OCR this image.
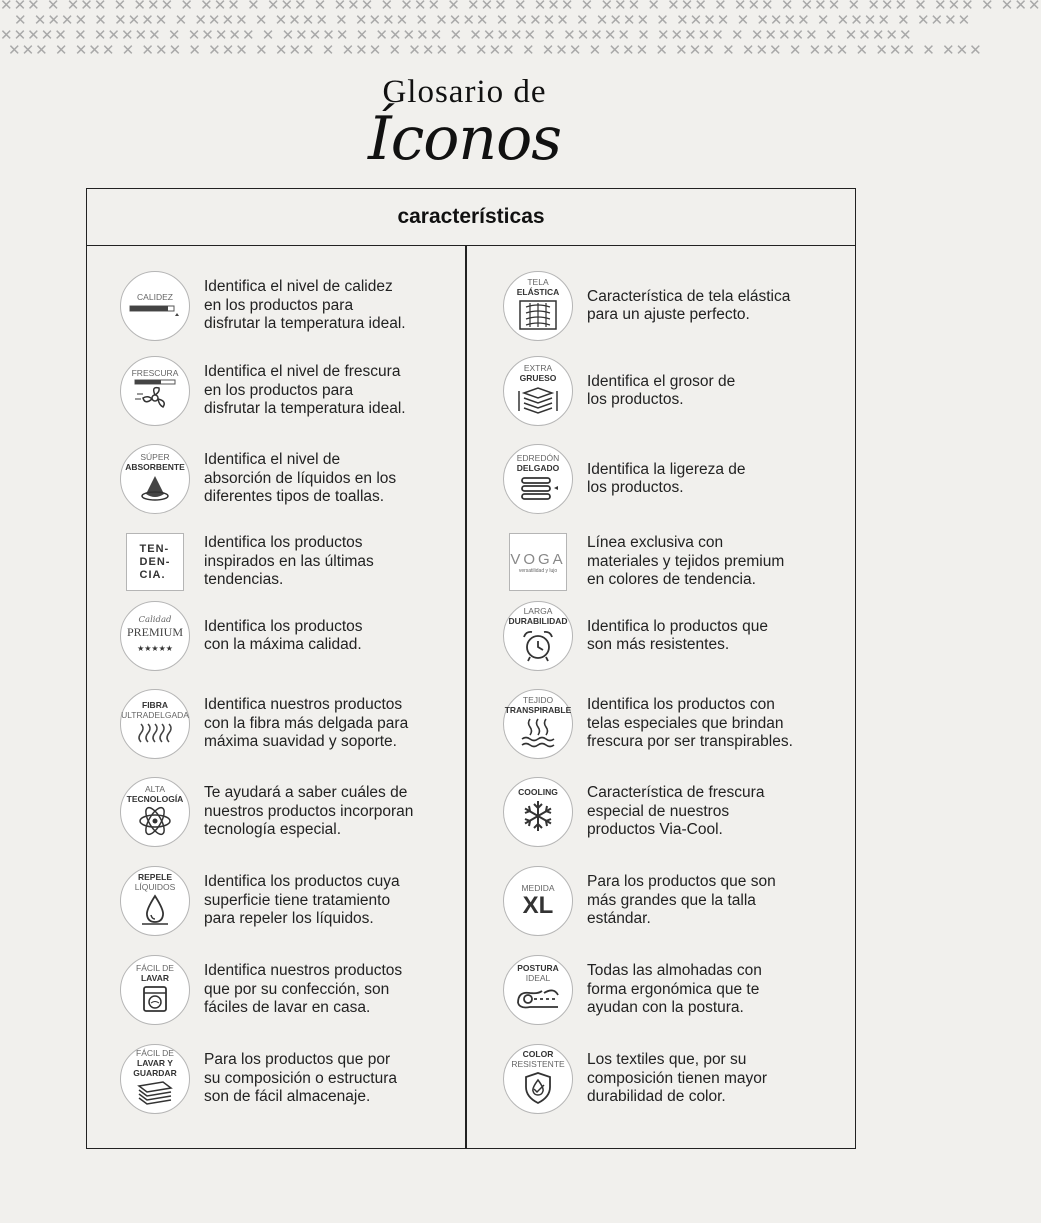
✕✕✕ ✕ ✕✕✕ ✕ ✕✕✕ ✕ ✕✕✕ ✕ ✕✕✕ ✕ ✕✕✕ ✕ ✕✕✕ ✕ ✕✕✕ ✕ ✕✕✕ ✕ ✕✕✕ ✕ ✕✕✕ ✕ ✕✕✕ ✕ ✕✕✕ ✕ ✕✕✕ ✕ ✕✕✕ ✕ ✕✕✕
✕ ✕✕✕✕ ✕ ✕✕✕✕ ✕ ✕✕✕✕ ✕ ✕✕✕✕ ✕ ✕✕✕✕ ✕ ✕✕✕✕ ✕ ✕✕✕✕ ✕ ✕✕✕✕ ✕ ✕✕✕✕ ✕ ✕✕✕✕ ✕ ✕✕✕✕ ✕ ✕✕✕✕
✕✕✕✕✕ ✕ ✕✕✕✕✕ ✕ ✕✕✕✕✕ ✕ ✕✕✕✕✕ ✕ ✕✕✕✕✕ ✕ ✕✕✕✕✕ ✕ ✕✕✕✕✕ ✕ ✕✕✕✕✕ ✕ ✕✕✕✕✕ ✕ ✕✕✕✕✕
✕✕✕ ✕ ✕✕✕ ✕ ✕✕✕ ✕ ✕✕✕ ✕ ✕✕✕ ✕ ✕✕✕ ✕ ✕✕✕ ✕ ✕✕✕ ✕ ✕✕✕ ✕ ✕✕✕ ✕ ✕✕✕ ✕ ✕✕✕ ✕ ✕✕✕ ✕ ✕✕✕ ✕ ✕✕✕
Glosario de
Íconos
características
CALIDEZ
Identifica el nivel de calidez
en los productos para
disfrutar la temperatura ideal.
FRESCURA Identifica el nivel de frescura
en los productos para
disfrutar la temperatura ideal.
SÚPER
ABSORBENTE Identifica el nivel de
absorción de líquidos en los
diferentes tipos de toallas.
TEN-
DEN-
CIA.
Identifica los productos
inspirados en las últimas
tendencias.
Calidad
PREMIUM
★★★★★
Identifica los productos
con la máxima calidad.
FIBRA
ULTRADELGADA
Identifica nuestros productos
con la fibra más delgada para
máxima suavidad y soporte.
ALTA
TECNOLOGÍA Te ayudará a saber cuáles de
nuestros productos incorporan
tecnología especial.
REPELE
LÍQUIDOS Identifica los productos cuya
superficie tiene tratamiento
para repeler los líquidos.
FÁCIL DE
LAVAR Identifica nuestros productos
que por su confección, son
fáciles de lavar en casa.
FÁCIL DE
LAVAR Y
GUARDAR
Para los productos que por
su composición o estructura
son de fácil almacenaje.
TELA
ELÁSTICA Característica de tela elástica
para un ajuste perfecto.
EXTRA
GRUESO Identifica el grosor de
los productos.
EDREDÓN
DELGADO Identifica la ligereza de
los productos.
VOGA
versatilidad y lujo
Línea exclusiva con
materiales y tejidos premium
en colores de tendencia.
LARGA
DURABILIDAD Identifica lo productos que
son más resistentes.
TEJIDO
TRANSPIRABLE Identifica los productos con
telas especiales que brindan
frescura por ser transpirables.
COOLING Característica de frescura
especial de nuestros
productos Via-Cool.
MEDIDA
XL
Para los productos que son
más grandes que la talla
estándar.
POSTURA
IDEAL Todas las almohadas con
forma ergonómica que te
ayudan con la postura.
COLOR
RESISTENTE Los textiles que, por su
composición tienen mayor
durabilidad de color.
